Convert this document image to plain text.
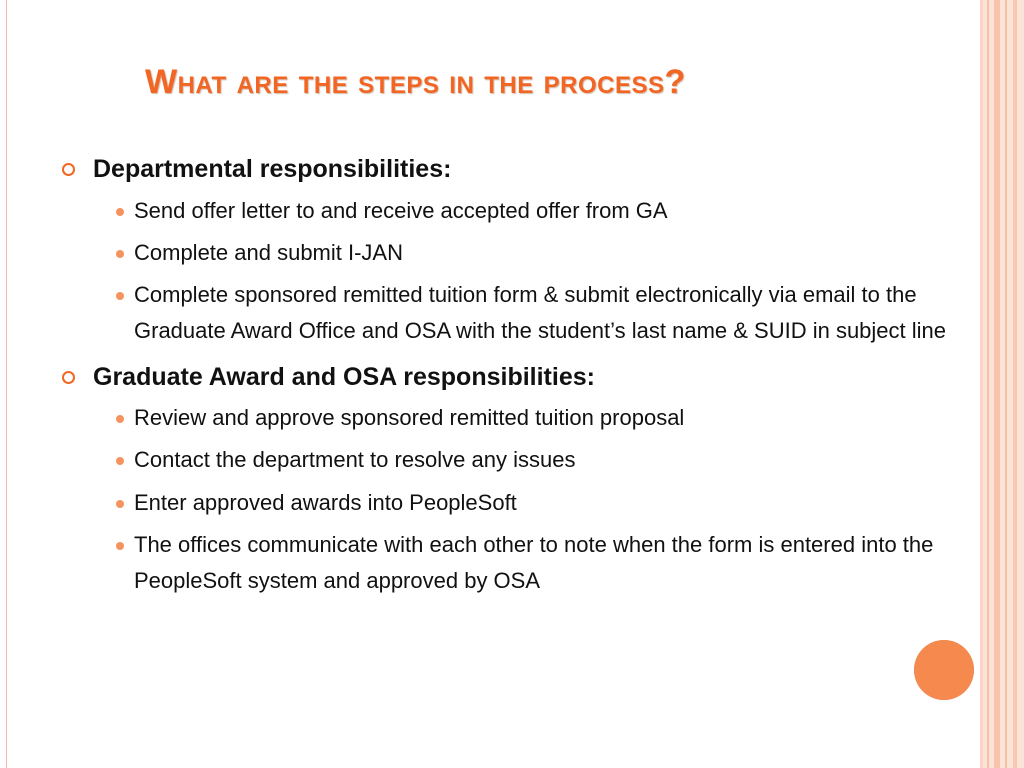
What are the steps in the process?
Departmental responsibilities:
Send offer letter to and receive accepted offer from GA
Complete and submit I-JAN
Complete sponsored remitted tuition form & submit electronically via email to the Graduate Award Office and OSA with the student’s last name & SUID in subject line
Graduate Award and OSA responsibilities:
Review and approve sponsored remitted tuition proposal
Contact the department to resolve any issues
Enter approved awards into PeopleSoft
The offices communicate with each other to note when the form is entered into the PeopleSoft system and approved by OSA
